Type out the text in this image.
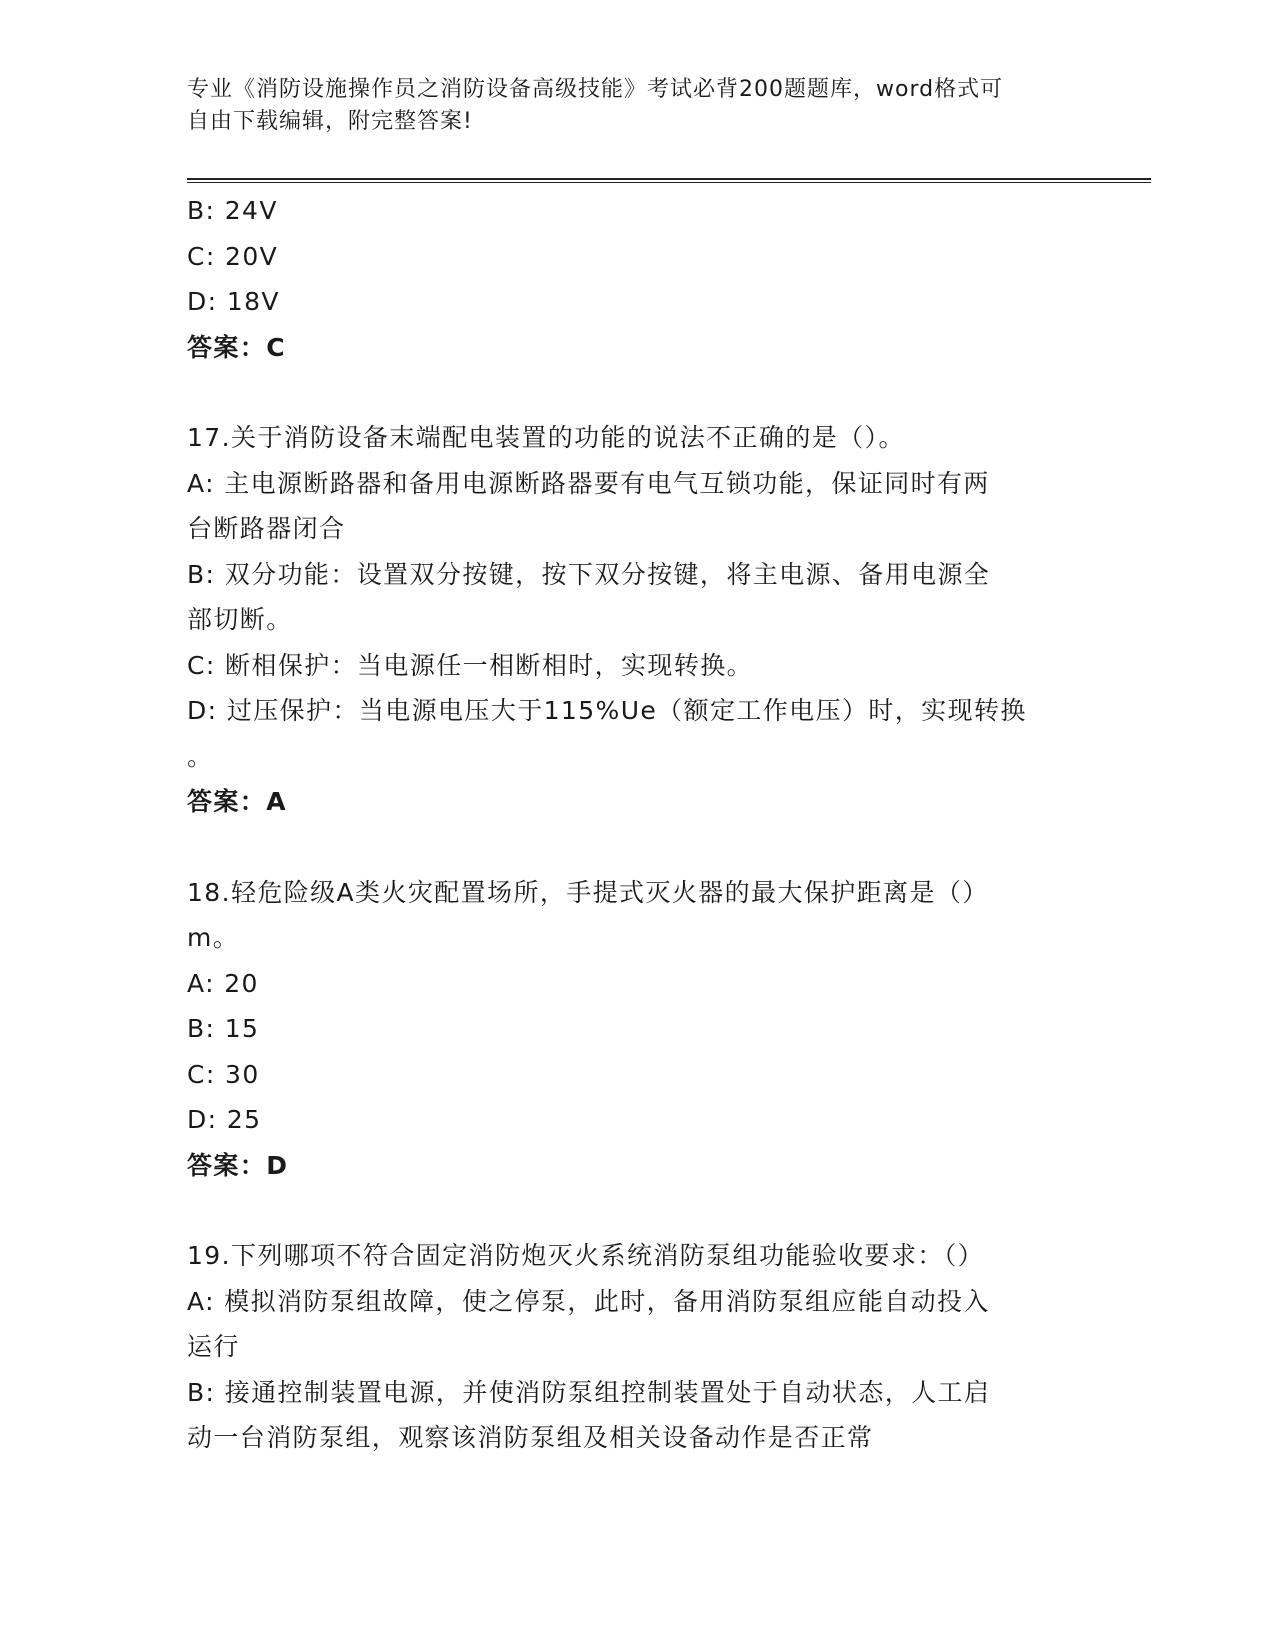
专业《消防设施操作员之消防设备高级技能》考试必背200题题库，word格式可

自由下载编辑，附完整答案!

B: 24V

C: 20V

D: 18V

答案：C

17.关于消防设备末端配电装置的功能的说法不正确的是（）。

A: 主电源断路器和备用电源断路器要有电气互锁功能，保证同时有两

台断路器闭合

B: 双分功能：设置双分按键，按下双分按键，将主电源、备用电源全

部切断。

C: 断相保护：当电源任一相断相时，实现转换。

D: 过压保护：当电源电压大于115%Ue（额定工作电压）时，实现转换

。

答案：A

18.轻危险级A类火灾配置场所，手提式灭火器的最大保护距离是（）

m。

A: 20

B: 15

C: 30

D: 25

答案：D

19.下列哪项不符合固定消防炮灭火系统消防泵组功能验收要求：（）

A: 模拟消防泵组故障，使之停泵，此时，备用消防泵组应能自动投入

运行

B: 接通控制装置电源，并使消防泵组控制装置处于自动状态，人工启

动一台消防泵组，观察该消防泵组及相关设备动作是否正常
